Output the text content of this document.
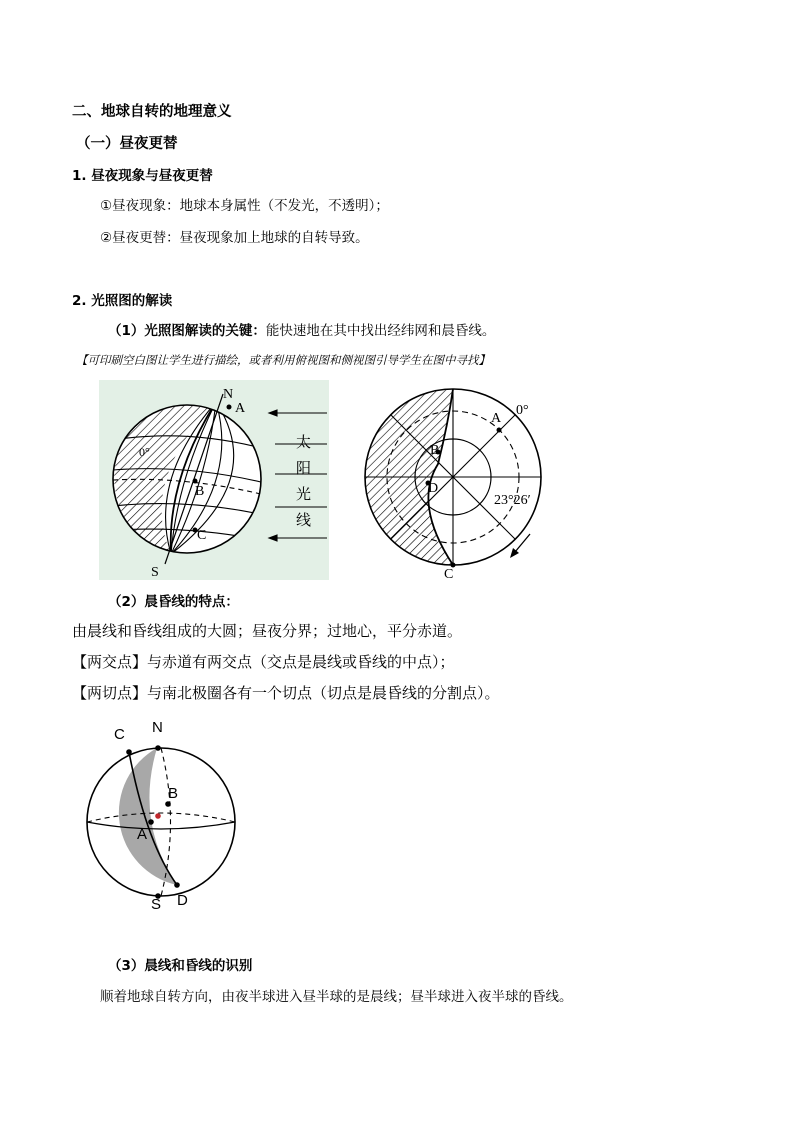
二、地球自转的地理意义
（一）昼夜更替
1. 昼夜现象与昼夜更替
①昼夜现象：地球本身属性（不发光，不透明）；
②昼夜更替：昼夜现象加上地球的自转导致。
2. 光照图的解读
（1）光照图解读的关键：能快速地在其中找出经纬网和晨昏线。
【可印刷空白图让学生进行描绘，或者利用俯视图和侧视图引导学生在图中寻找】
N
A
0°
B
C
S
太
阳
光
线
A
0°
B
D
23°26′
C
（2）晨昏线的特点：
由晨线和昏线组成的大圆；昼夜分界；过地心，平分赤道。
【两交点】与赤道有两交点（交点是晨线或昏线的中点）；
【两切点】与南北极圈各有一个切点（切点是晨昏线的分割点）。
C N
B
A
S D
（3）晨线和昏线的识别
顺着地球自转方向，由夜半球进入昼半球的是晨线；昼半球进入夜半球的昏线。
